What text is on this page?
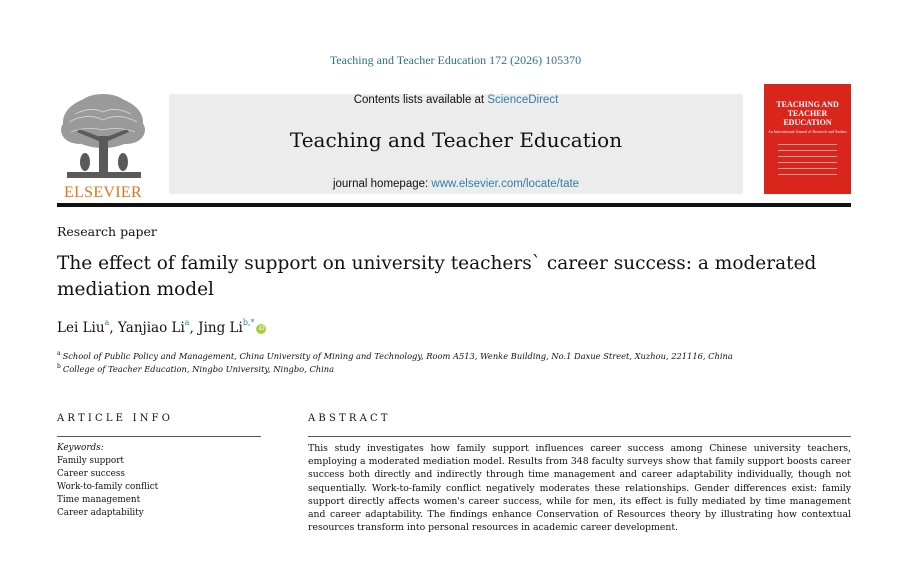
Teaching and Teacher Education 172 (2026) 105370
ELSEVIER
Contents lists available at ScienceDirect
Teaching and Teacher Education
journal homepage: www.elsevier.com/locate/tate
TEACHING AND TEACHER EDUCATION
An International Journal of Research and Studies
Research paper
The effect of family support on university teachers` career success: a moderated mediation model
Lei Liu$^a$, Yanjiao Li$^a$, Jing $Li^{b,*}iD$
$^a$ School of Public Policy and Management, China University of Mining and Technology, Room A513, Wenke Building, No.1 Daxue Street, Xuzhou, 221116, China
$^b$ College of Teacher Education, Ningbo University, Ningbo, China
ARTICLE INFO
Keywords:
Family support
Career success
Work-to-family conflict
Time management
Career adaptability
ABSTRACT
This study investigates how family support influences career success among Chinese university teachers, employing a moderated mediation model. Results from 348 faculty surveys show that family support boosts career success both directly and indirectly through time management and career adaptability individually, though not sequentially. Work-to-family conflict negatively moderates these relationships. Gender differences exist: family support directly affects women's career success, while for men, its effect is fully mediated by time management and career adaptability. The findings enhance Conservation of Resources theory by illustrating how contextual resources transform into personal resources in academic career development.
